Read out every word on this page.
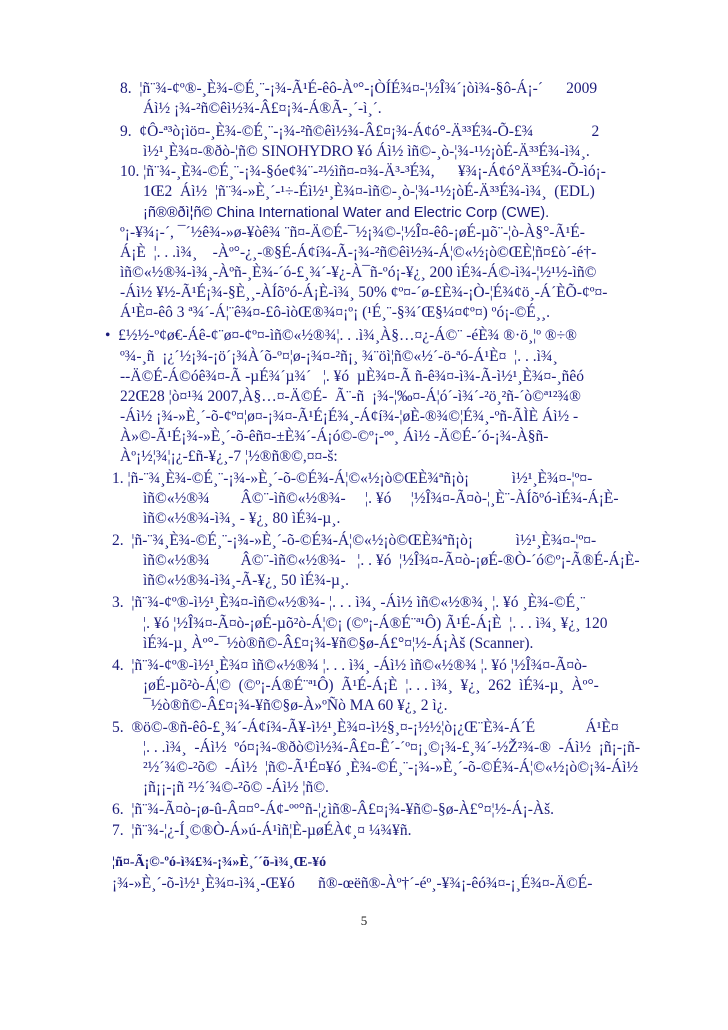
8.  ¦ñ¨¾-¢º®-¸È¾-©É¸¨-¡¾-Ã¹É-êô-Àº°-¡ÒÍÉ¾¤-¦½Î¾´¡òì¾-§ô-Á¡-´      2009
Áì½ ¡¾-²ñ©êì½¾-Â£¤¡¾-Á®Ã-¸´-ì¸´.
9.  ¢Ô-ª³ò¡ìö¤-¸È¾-©É¸¨-¡¾-²ñ©êì½¾-Â£¤¡¾-Á¢ó°-Ä³³É¾-Õ-£¾               2
ì½¹¸È¾¤-®ðò-¦ñ© SINOHYDRO ¥ó Áì½ ìñ©-¸ò-¦¾-¹½¡òÉ-Ä³³É¾-ì¾¸.
10. ¦ñ¨¾-¸È¾-©É¸¨-¡¾-§óe¢¾¨-²½ìñ¤-¤¾-Ä³-³É¾,      ¥¾¡-Á¢ó°Ä³³É¾-Õ-ìó¡-
1Œ2  Áì½  ¦ñ¨¾-»È¸´-¹÷-Éì½¹¸È¾¤-ìñ©-¸ò-¦¾-¹½¡òÉ-Ä³³É¾-ì¾¸  (EDL)
¡ñ®®ðì¦ñ© China International Water and Electric Corp (CWE).
º¡-¥¾¡-´, ¯´½ê¾-»ø-¥òê¾ ¨ñ¤-Ä©É-¯½¡¾©-¦½Î¤-êô-¡øÉ-µõ¨-¦ò-À§°-Ã¹É-
Á¡È  ¦. . .ì¾¸    -Àº°-¿¸-®§É-Á¢í¾-Ã-¡¾-²ñ©êì½¾-Á¦©«½¡ò©ŒÈ¦ñ¤£ò´-é†-
ìñ©«½®¾-ì¾¸-Àºñ-¸È¾-´ó-£¸¾´-¥¿-À¯ñ-ºó¡-¥¿¸ 200 ìÉ¾-Á©-ì¾-¦½¹½-ìñ©
-Áì½ ¥½-Ã¹É¡¾-§È¸¸-ÀÍõºó-Á¡È-ì¾¸ 50% ¢º¤-´ø-£È¾-¡Ò-¦É¾¢ö¸-Á´ÈÕ-¢º¤-
Á¹È¤-êô 3 ª¾´-Á¦¨ê¾¤-£ô-ìòŒ®¾¤¡º¡ (¹É¸¨-§¾´Œ§¼¤¢º¤) ºó¡-©É¸¸.
•  £½½-º¢ø€-Áê-¢¨ø¤-¢º¤-ìñ©«½®¾¦. . .ì¾¸À§…¤¿-Á©¨ -éÈ¾ ®·ö¸¦º ®÷®
º¾-¸ñ  ¡¿´½¡¾-¡ö´¡¾À´õ-º¤¦ø-¡¾¤-²ñ¡¸ ¾¨öì¦ñ©«½´-ö-ªó-Á¹È¤  ¦. . .ì¾¸
--Ä©É-Á©óê¾¤-Ã -µÉ¾´µ¾´   ¦. ¥ó  µÈ¾¤-Ã ñ-ê¾¤-ì¾-Ã-ì½¹¸È¾¤-¸ñêó
22Œ28 ¦ò¤¹¾ 2007,À§…¤-Ä©É-  Ã¨-ñ  ¡¾-¦‰¤-Á¦ó´-ì¾´-²ö¸²ñ-´ò©ª¹²¾®
-Áì½ ¡¾-»È¸´-õ-¢º¤¦ø¤-¡¾¤-Ã¹É¡É¾¸-Á¢í¾-¦øÈ-®¾©¦É¾¸-ºñ-ÃÌÈ Áì½ -
À»©-Ã¹É¡¾-»È¸´-õ-êñ¤-±È¾´-Á¡ó©-©º¡-ºº¸ Áì½ -Ä©É-´ó-¡¾-À§ñ-
Àº¡½¦¾¦¡¿-£ñ-¥¿¸-7 ¦½®ñ®©,¤¤-š:
1. ¦ñ-¨¾¸È¾-©É¸¨-¡¾-»È¸´-õ-©É¾-Á¦©«½¡ò©ŒÈ¾ªñ¡ò¡           ì½¹¸È¾¤-¦º¤-
ìñ©«½®¾        Â©¨-ìñ©«½®¾-     ¦. ¥ó     ¦½Î¾¤-Ã¤ò-¦¸È¨-ÀÍõºó-ìÉ¾-Á¡È-
ìñ©«½®¾-ì¾¸ - ¥¿¸ 80 ìÉ¾-µ¸.
2.  ¦ñ-¨¾¸È¾-©É¸¨-¡¾-»È¸´-õ-©É¾-Á¦©«½¡ò©ŒÈ¾ªñ¡ò¡           ì½¹¸È¾¤-¦º¤-
ìñ©«½®¾        Â©¨-ìñ©«½®¾-   ¦. . ¥ó  ¦½Î¾¤-Ã¤ò-¡øÉ-®Ò-´ó©º¡-Ã®É-Á¡È-
ìñ©«½®¾-ì¾¸-Ã-¥¿¸ 50 ìÉ¾-µ¸.
3.  ¦ñ¨¾-¢º®-ì½¹¸È¾¤-ìñ©«½®¾- ¦. . . ì¾¸ -Áì½ ìñ©«½®¾¸ ¦. ¥ó ¸È¾-©É¸¨
¦. ¥ó ¦½Î¾¤-Ã¤ò-¡øÉ-µõ²ò-Á¦©¡ (©º¡-Á®É¨ª¹Ô) Ã¹É-Á¡È  ¦. . . ì¾¸ ¥¿¸ 120
ìÉ¾-µ¸ Àº°-¯½ò®ñ©-Â£¤¡¾-¥ñ©§ø-Á£°¤¦½-Á¡Àš (Scanner).
4.  ¦ñ¨¾-¢º®-ì½¹¸È¾¤ ìñ©«½®¾ ¦. . . ì¾¸ -Áì½ ìñ©«½®¾ ¦. ¥ó ¦½Î¾¤-Ã¤ò-
¡øÉ-µõ²ò-Á¦©  (©º¡-Á®É¨ª¹Ô)  Ã¹É-Á¡È  ¦. . . ì¾¸  ¥¿¸  262  ìÉ¾-µ¸  Àº°-
¯½ò®ñ©-Â£¤¡¾-¥ñ©§ø-À»ºÑò MA 60 ¥¿¸ 2 ì¿.
5.  ®ö©-®ñ-êô-£¸¾´-Á¢í¾-Ã¥-ì½¹¸È¾¤-ì½§¸¤-¡½½¦ò¡¿Œ¨È¾-Á´É             Á¹È¤
¦. . .ì¾¸  -Áì½  ºó¤¡¾-®ðò©ì½¾-Â£¤-Ê´-´º¤¡¸©¡¾-£¸¾´-½Ž²¾-®  -Áì½  ¡ñ¡-¡ñ-
²½´¾©-²õ©  -Áì½  ¦ñ©-Ã¹É¤¥ó ¸È¾-©É¸¨-¡¾-»È¸´-õ-©É¾-Á¦©«½¡ò©¡¾-Áì½
¡ñ¡¡-¡ñ ²½´¾©-²õ© -Áì½ ¦ñ©.
6.  ¦ñ¨¾-Ã¤ò-¡ø-û-Â¤¤°-Á¢-ºº°ñ-¦¿ìñ®-Â£¤¡¾-¥ñ©-§ø-À£°¤¦½-Á¡-Àš.
7.  ¦ñ¨¾-¦¿-Í¸©®Ò-Á»ú-Á¹ìñ¦È-µøÉÀ¢¸¤ ¼¾¥ñ.
¦ñ¤-Ã¡©-ºó-ì¾£¾-¡¾»È¸´´õ-ì¾¸Œ-¥ó
¡¾-»È¸´-õ-ì½¹¸È¾¤-ì¾¸-Œ¥ó      ñ®-œëñ®-Àº†´-éº¸-¥¾¡-êó¾¤-¡¸É¾¤-Ä©É-
5
